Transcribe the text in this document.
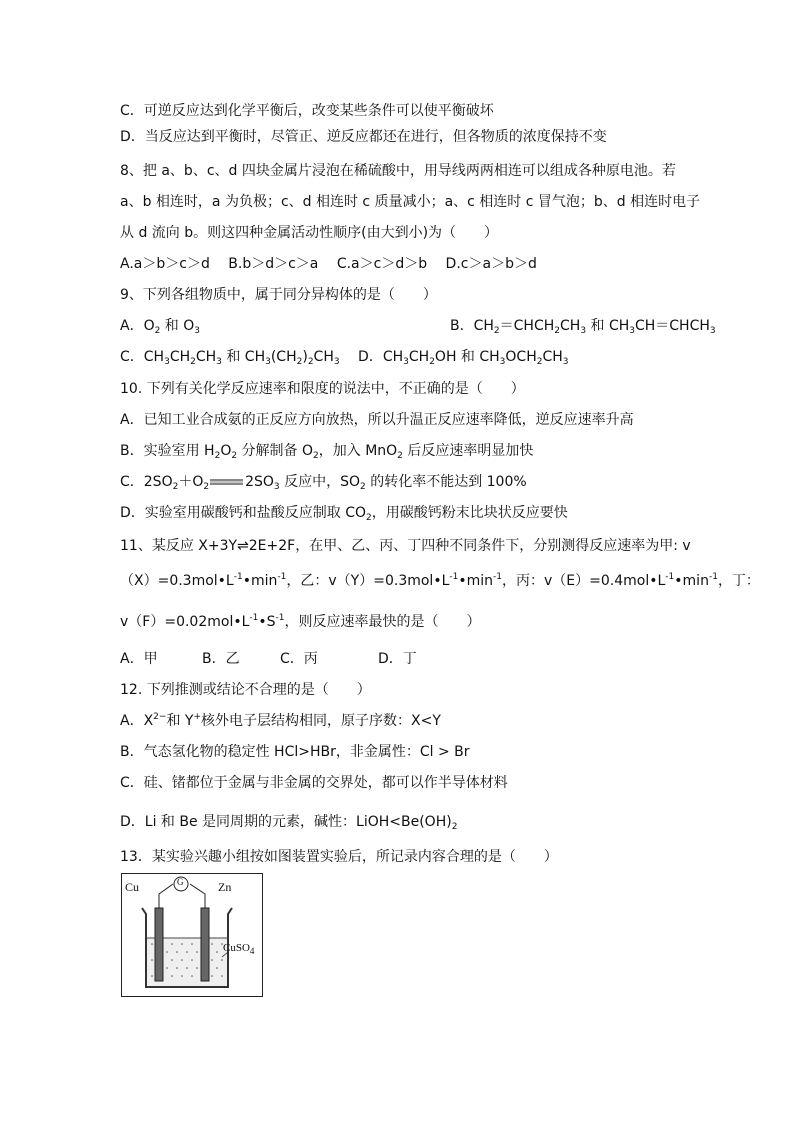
C．可逆反应达到化学平衡后，改变某些条件可以使平衡破坏
D．当反应达到平衡时，尽管正、逆反应都还在进行，但各物质的浓度保持不变
8、把 a、b、c、d 四块金属片浸泡在稀硫酸中，用导线两两相连可以组成各种原电池。若
a、b 相连时，a 为负极；c、d 相连时 c 质量减小；a、c 相连时 c 冒气泡；b、d 相连时电子
从 d 流向 b。则这四种金属活动性顺序(由大到小)为（　　）
A.a＞b＞c＞d　 B.b＞d＞c＞a　 C.a＞c＞d＞b　 D.c＞a＞b＞d
9、下列各组物质中，属于同分异构体的是（　　）
A．$O_2$ 和 $O_3$	B．$CH_2=CHCH_2CH_3$ 和 $CH_3CH=CHCH_3$
C．$CH_3CH_2CH_3$ 和 $CH_3(CH_2)_2CH_3$　 D．$CH_3CH_2OH$ 和 $CH_3OCH_2CH_3$
10. 下列有关化学反应速率和限度的说法中，不正确的是（　　）
A．已知工业合成氨的正反应方向放热，所以升温正反应速率降低，逆反应速率升高
B．实验室用 $H_2O_2$ 分解制备 $O_2$，加入 MnO$_2$ 后反应速率明显加快
C．$2SO_2+O_2$	$2SO_3$ 反应中，$SO_2$ 的转化率不能达到 100%
D．实验室用碳酸钙和盐酸反应制取 $CO_2$，用碳酸钙粉末比块状反应要快
11、某反应 X+3Y⇌2E+2F，在甲、乙、丙、丁四种不同条件下，分别测得反应速率为甲: v
$(X)=0.3mol•L^{-1}•\min^{-1}$，乙：$v(Y)=0.3mol•L^{-1}•\min^{-1}$，丙：$v(E)=0.4mol•L^{-1}•\min^{-1}$，丁：
$v(F)=0.02mol•L^{-1}•S^{-1}$，则反应速率最快的是（　　）
A．甲	B．乙	C．丙	D．丁
12. 下列推测或结论不合理的是（　　）
A．$X^{2-}$和 Y+核外电子层结构相同，原子序数：X<Y
B．气态氢化物的稳定性 HCl>HBr，非金属性：Cl > Br
C．硅、锗都位于金属与非金属的交界处，都可以作半导体材料
D．Li 和 Be 是同周期的元素，碱性：$LiOH<Be(OH)_2$
13．某实验兴趣小组按如图装置实验后，所记录内容合理的是（　　）
Cu	G	Zn
CuSO$_4$
